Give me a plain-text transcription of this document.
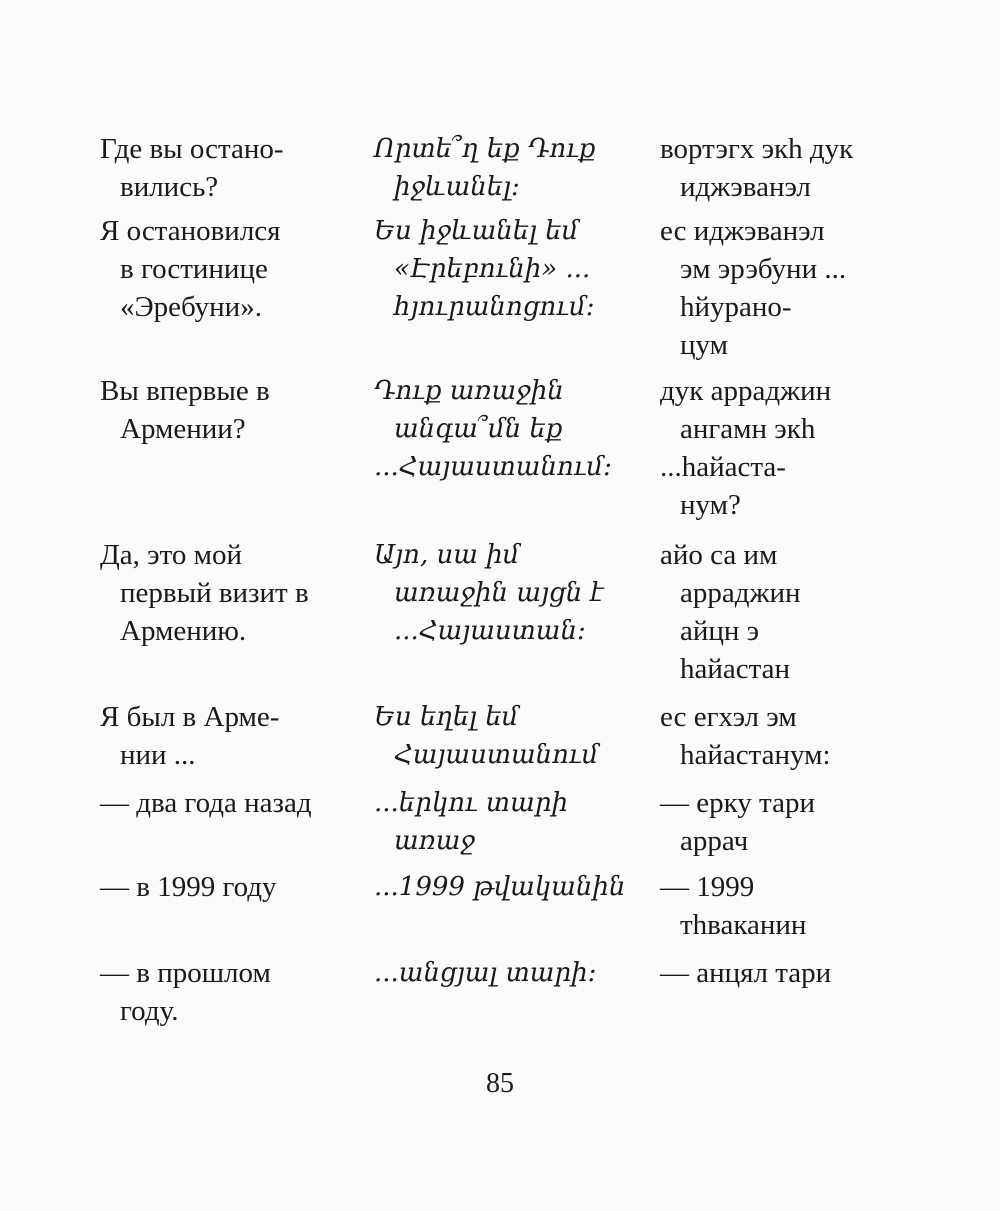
Где вы остано-
вились?
Որտե՞ղ եք Դուք
իջևանել:
вортэгх экh дук
иджэванэл
Я остановился
в гостинице
«Эребуни».
Ես իջևանել եմ
«Էրեբունի» ...
հյուրանոցում:
ес иджэванэл
эм эрэбуни ...
hйурано-
цум
Вы впервые в
Армении?
Դուք առաջին
անգա՞մն եք
...Հայաստանում:
дук арраджин
ангамн экh
...hайаста-
нум?
Да, это мой
первый визит в
Армению.
Այո, սա իմ
առաջին այցն է
...Հայաստան:
айо са им
арраджин
айцн э
hайастан
Я был в Арме-
нии ...
Ես եղել եմ
Հայաստանում
ес егхэл эм
hайастанум:
— два года назад ...երկու տարի
առաջ
— ерку тари
аррач
— в 1999 году	...1999 թվականին — 1999
тhваканин
— в прошлом
году.
...անցյալ տարի: — анцял тари
85
